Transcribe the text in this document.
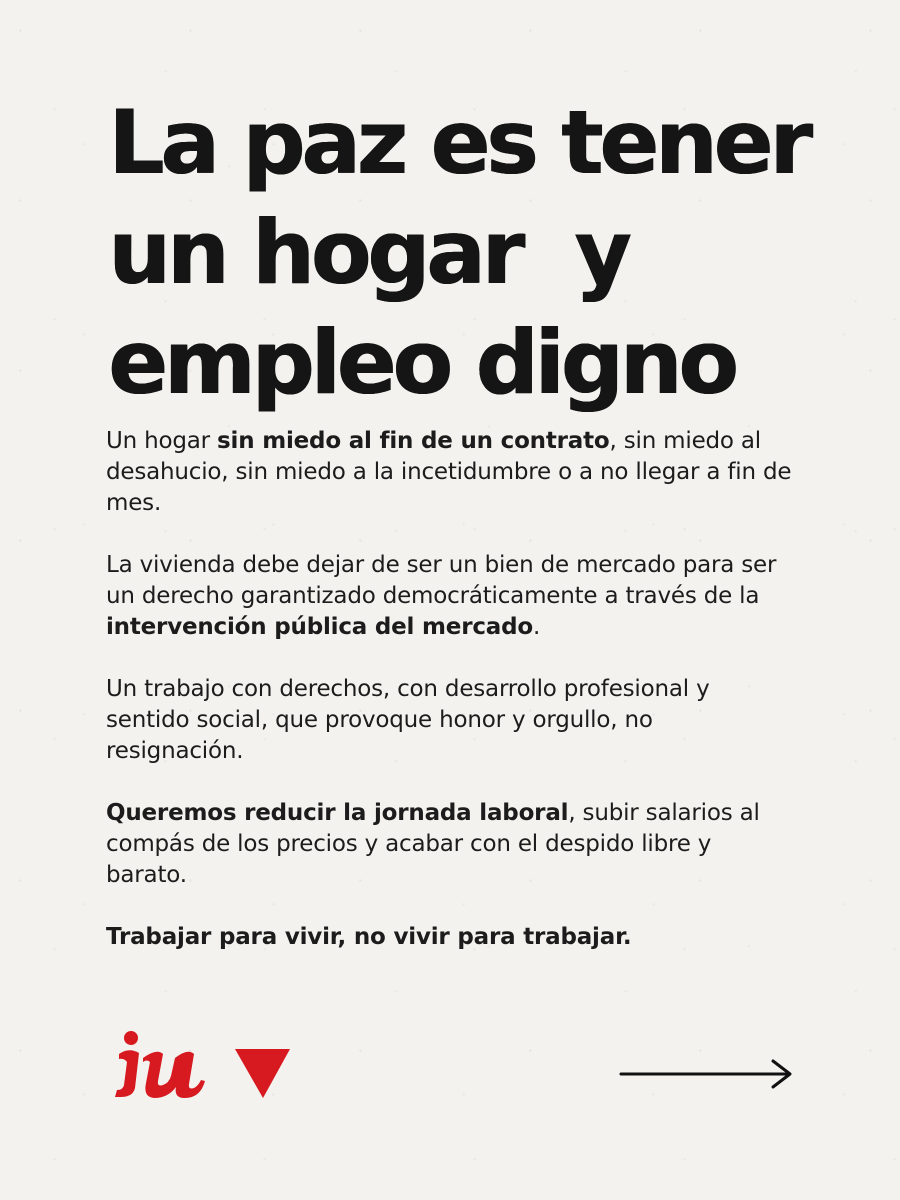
La paz es tener
un hogar  y
empleo digno

Un hogar sin miedo al fin de un contrato, sin miedo al desahucio, sin miedo a la incetidumbre o a no llegar a fin de mes.

La vivienda debe dejar de ser un bien de mercado para ser un derecho garantizado democráticamente a través de la intervención pública del mercado.

Un trabajo con derechos, con desarrollo profesional y sentido social, que provoque honor y orgullo, no resignación.

Queremos reducir la jornada laboral, subir salarios al compás de los precios y acabar con el despido libre y barato.

Trabajar para vivir, no vivir para trabajar.
